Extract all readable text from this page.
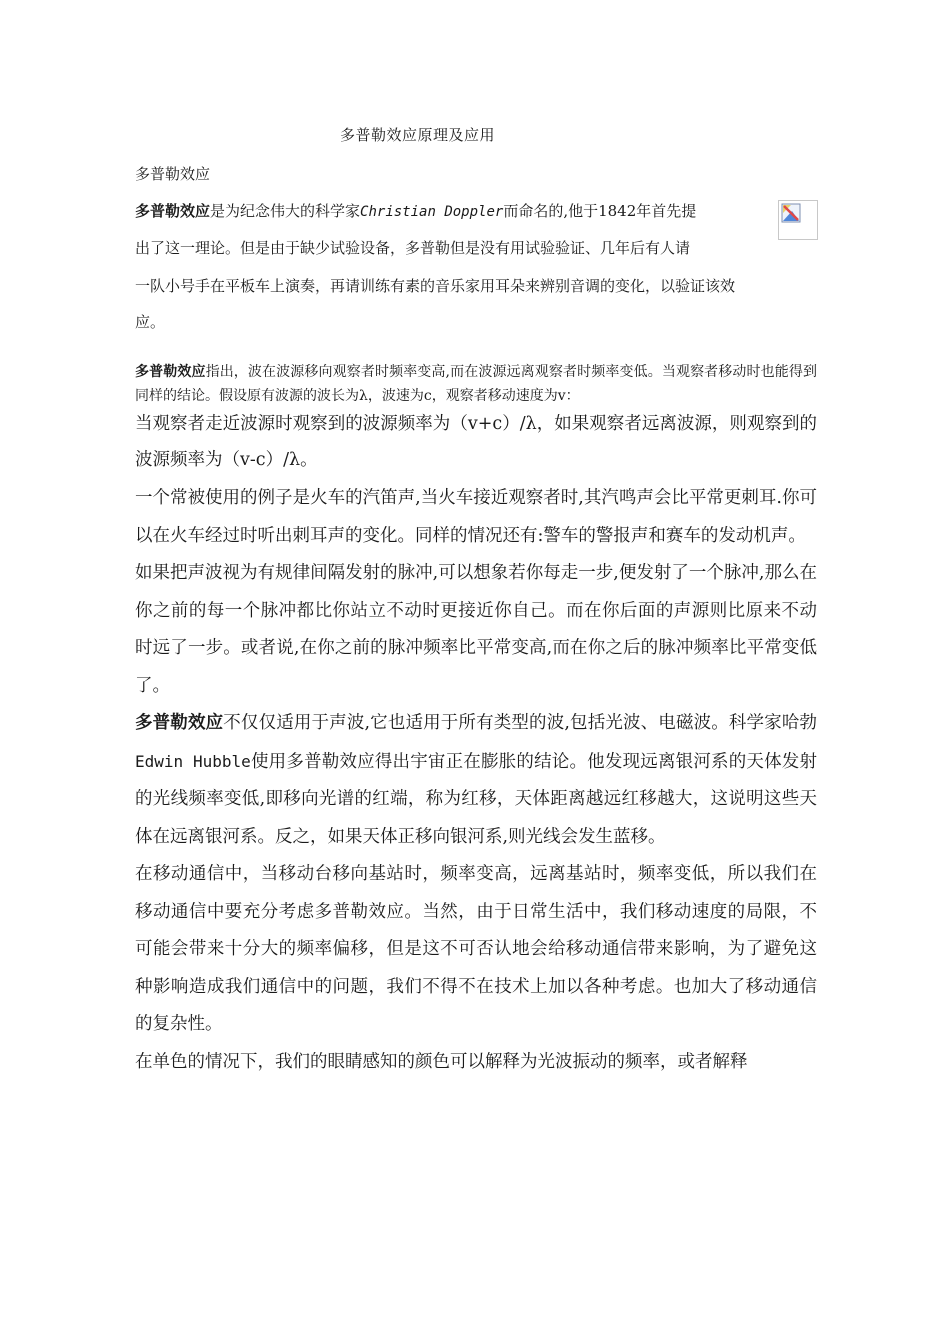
多普勒效应原理及应用
多普勒效应
多普勒效应是为纪念伟大的科学家Christian Doppler而命名的,他于1842年首先提
出了这一理论。但是由于缺少试验设备，多普勒但是没有用试验验证、几年后有人请
一队小号手在平板车上演奏，再请训练有素的音乐家用耳朵来辨别音调的变化，以验证该效
应。
多普勒效应指出，波在波源移向观察者时频率变高,而在波源远离观察者时频率变低。当观察者移动时也能得到同样的结论。假设原有波源的波长为λ，波速为c，观察者移动速度为v：
当观察者走近波源时观察到的波源频率为（v+c）/λ，如果观察者远离波源，则观察到的波源频率为（v-c）/λ。

一个常被使用的例子是火车的汽笛声,当火车接近观察者时,其汽鸣声会比平常更刺耳.你可以在火车经过时听出刺耳声的变化。同样的情况还有:警车的警报声和赛车的发动机声。

如果把声波视为有规律间隔发射的脉冲,可以想象若你每走一步,便发射了一个脉冲,那么在你之前的每一个脉冲都比你站立不动时更接近你自己。而在你后面的声源则比原来不动时远了一步。或者说,在你之前的脉冲频率比平常变高,而在你之后的脉冲频率比平常变低了。

多普勒效应不仅仅适用于声波,它也适用于所有类型的波,包括光波、电磁波。科学家哈勃Edwin Hubble使用多普勒效应得出宇宙正在膨胀的结论。他发现远离银河系的天体发射的光线频率变低,即移向光谱的红端，称为红移，天体距离越远红移越大，这说明这些天体在远离银河系。反之，如果天体正移向银河系,则光线会发生蓝移。

在移动通信中，当移动台移向基站时，频率变高，远离基站时，频率变低，所以我们在移动通信中要充分考虑多普勒效应。当然，由于日常生活中，我们移动速度的局限，不可能会带来十分大的频率偏移，但是这不可否认地会给移动通信带来影响，为了避免这种影响造成我们通信中的问题，我们不得不在技术上加以各种考虑。也加大了移动通信的复杂性。

在单色的情况下，我们的眼睛感知的颜色可以解释为光波振动的频率，或者解释
